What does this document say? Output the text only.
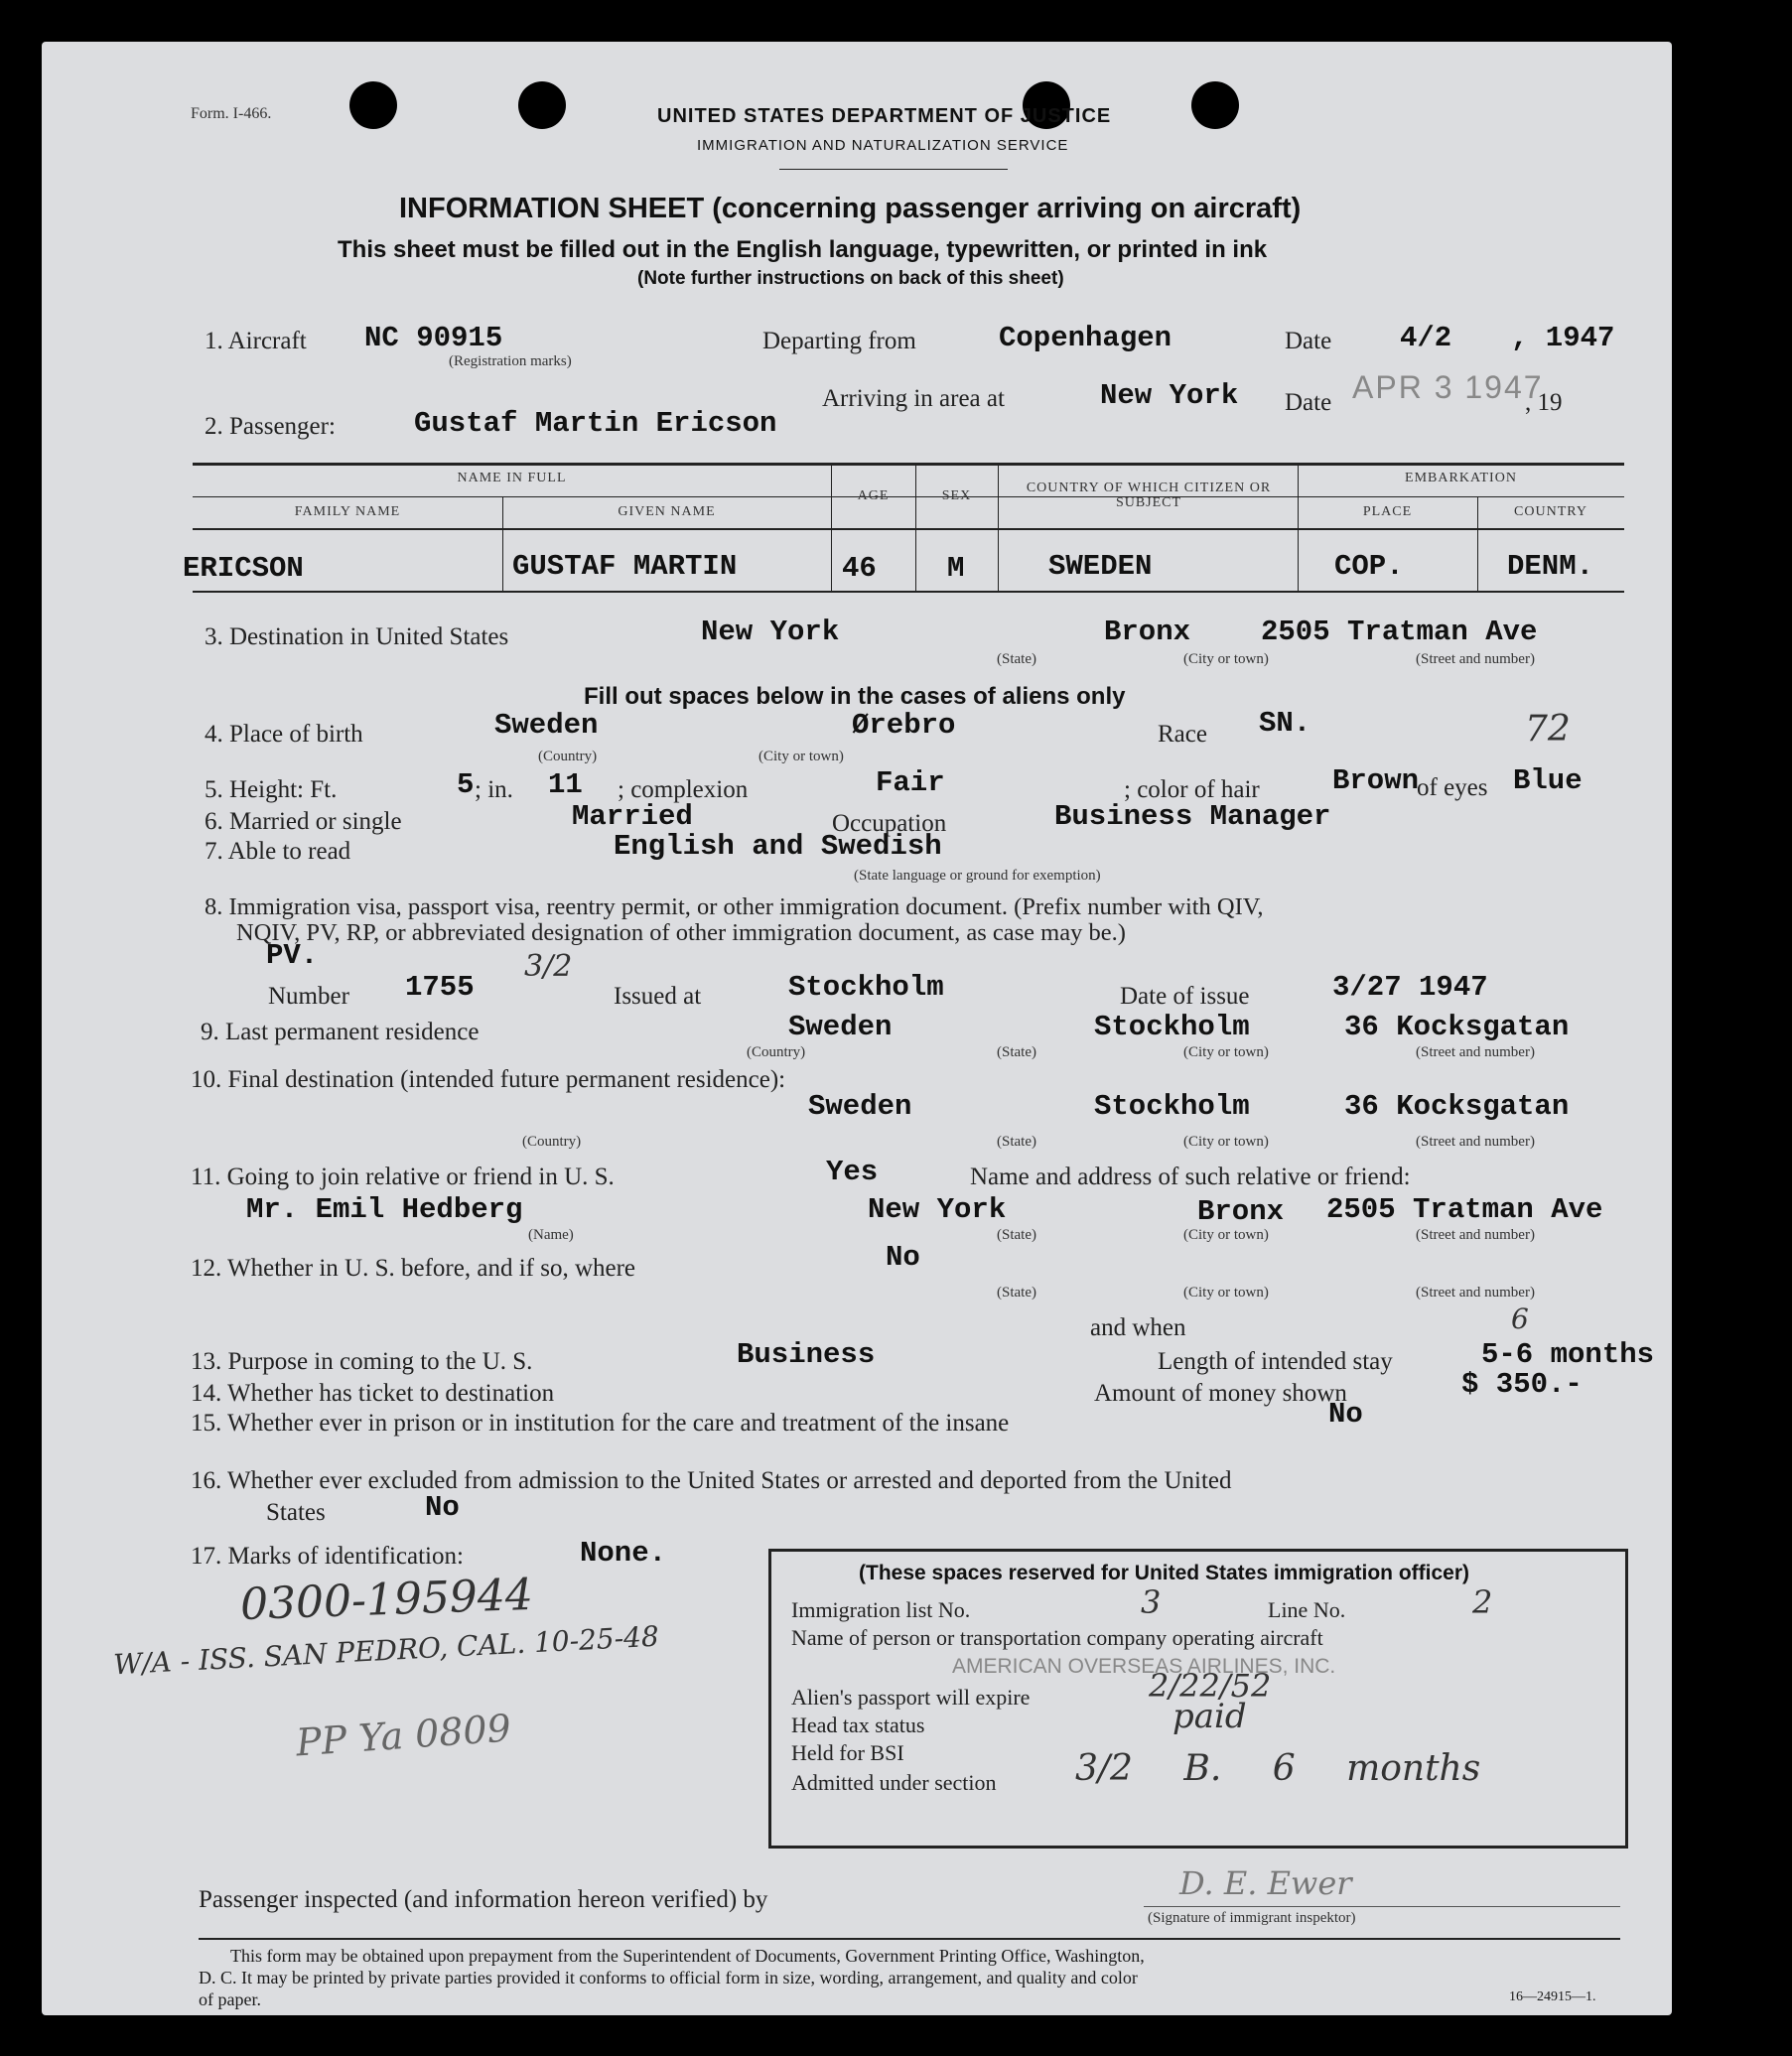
Form. I-466.	UNITED STATES DEPARTMENT OF JUSTICE
IMMIGRATION AND NATURALIZATION SERVICE
INFORMATION SHEET (concerning passenger arriving on aircraft)
This sheet must be filled out in the English language, typewritten, or printed in ink
(Note further instructions on back of this sheet)
1. Aircraft NC 90915
(Registration marks)
Departing from	Copenhagen	Date 4/2 , 1947
Arriving in area at	New York Date APR 3 1947
, 19
2. Passenger:	Gustaf Martin Ericson
NAME IN FULL	EMBARKATION
FAMILY NAME	GIVEN NAME
AGE	SEX
COUNTRY OF WHICH CITIZEN OR SUBJECT
PLACE	COUNTRY
ERICSON	GUSTAF MARTIN	46 M	SWEDEN	COP.	DENM.
3. Destination in United States	New York	Bronx 2505 Tratman Ave
(State)	(City or town)	(Street and number)
Fill out spaces below in the cases of aliens only
4. Place of birth	Sweden	Ørebro	Race SN.	72
(Country)	(City or town)
5. Height: Ft.	5 ; in. 11 ; complexion	Fair	; color of hair	Brown
of eyes Blue
6. Married or single	Married	Occupation	Business Manager
7. Able to read	English and Swedish
(State language or ground for exemption)
8. Immigration visa, passport visa, reentry permit, or other immigration document. (Prefix number with QIV,
NQIV, PV, RP, or abbreviated designation of other immigration document, as case may be.)
PV.
Number 1755
3/2
Issued at	Stockholm	Date of issue	3/27 1947
9. Last permanent residence	Sweden	Stockholm	36 Kocksgatan
(Country)	(State)	(City or town)	(Street and number)
10. Final destination (intended future permanent residence):
Sweden	Stockholm	36 Kocksgatan
(Country)	(State)	(City or town)	(Street and number)
11. Going to join relative or friend in U. S.	Yes	Name and address of such relative or friend:
Mr. Emil Hedberg	New York	Bronx 2505 Tratman Ave
(Name)	(State)	(City or town)	(Street and number)
12. Whether in U. S. before, and if so, where	No
(State)	(City or town)	(Street and number)
and when
13. Purpose in coming to the U. S.	Business	Length of intended stay	5-6 months
6
14. Whether has ticket to destination	Amount of money shown	$ 350.-
15. Whether ever in prison or in institution for the care and treatment of the insane	No
16. Whether ever excluded from admission to the United States or arrested and deported from the United
States	No
17. Marks of identification:	None.
0300-195944
W/A - ISS. SAN PEDRO, CAL. 10-25-48
PP Ya 0809
(These spaces reserved for United States immigration officer)
Immigration list No.	3	Line No.	2
Name of person or transportation company operating aircraft
AMERICAN OVERSEAS AIRLINES, INC.
Alien's passport will expire	2/22/52
Head tax status	paid
Held for BSI
Admitted under section 3/2 B. 6 months
Passenger inspected (and information hereon verified) by	D. E. Ewer
(Signature of immigrant inspektor)
This form may be obtained upon prepayment from the Superintendent of Documents, Government Printing Office, Washington,
D. C. It may be printed by private parties provided it conforms to official form in size, wording, arrangement, and quality and color
of paper.	16—24915—1.
